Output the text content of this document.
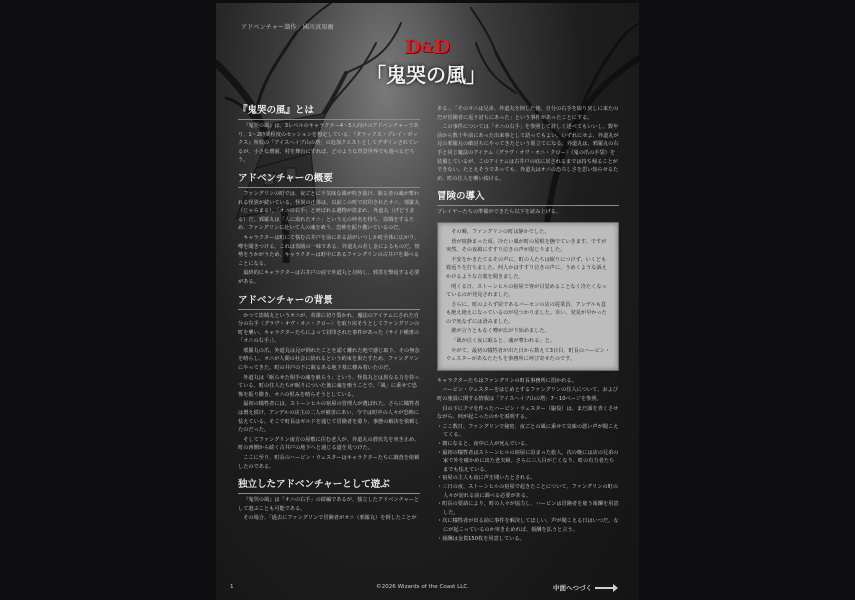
アドベンチャー制作：國川真知爾
D&D
「鬼哭の風」
『鬼哭の風』とは
『鬼哭の風』は、3レベルのキャラクター4〜5人向けのアドベンチャーであり、1〜2時間程度のセッションを想定している。『ダラックス・プレイ・ボックス』所収の「アイスヘイブ山の塔」の追加クエストとしてデザインされているが、小さな農園、村を舞台にすれば、どのような背景世界でも遊べるだろう。
アドベンチャーの概要
ファングリンの町では、夜ごとに不気味な風が吹き抜け、眠る者の魂が奪われる怪異が続いている。怪異の正体は、以前この町で封印されたオニ、邪羅丸（じゃらまる）。「オニの右手」と呼ばれる遺物が盗まれ、外道丸（げどうまる）だ。邪羅丸は「人に取れたオニ」という元の呼名を持ち、盗賊をするため、ファングリンに赴いて人の魂を喰う、恐怖を振り撒いているのだ。
キャラクターは町にて悩む古井戸を前にある話がいつしか町全体に広がり、噂を聞きつける。これは盗賊の一味である、外道丸の差し金によるものだ。情勢をうかがうため、キャラクターは町中にあるファングリンの古井戸を調べることになる。
最終的にキャラクターは古井戸の底で外道丸と対峙し、邪霊を撃退する必要がある。
アドベンチャーの背景
かつて盗賊丸というオニが、英雄に切り裂かれ、魔法のアイテムにされた自分の右手〈グラヴ・オヴ・オニ・クロー〉を取り戻そうとしてファングリンの町を襲い、キャラクターたちによって封印された事件があった（サイド種書の「オニの右手」）。
邪羅丸の爪、外道丸は兄が倒れたことを認く離れた地で感じ取り、その無念を晴らし、オニが人間の社会に紛れるという約束を果たすため、ファングリンにやってきた。町の井戸の下に眠るある地下墓に棲み着いたのだ。
外道丸は「眠らせた相手の魂を喰らう」という、怪盗丸とは異なる力を持っている。町の住人たちが眠りについた後に魂を喰うことで、「風」に乗せて恐怖を振り撒き、オニの恨みを晴らそうとしている。
最初の犠牲者には、ストーンヒルの宿屋の管理人が選ばれた。さらに犠牲者は増え続け、アンデルの店主の二人が被害にあい、今では町中の人々が恐怖に怯えている。そこで町長はギルドを通じて冒険者を募り、事態の解決を依頼したのだった。
そしてファングリン南方の屋敷に住む老人が、外道丸の潜伏先を突き止め、町の西側から続く古井戸の地下へと通じる道を見つけた。
ここに至り、町長のハービン・ウェスターはキャラクターたちに調査を依頼したのである。
独立したアドベンチャーとして遊ぶ
『鬼哭の風』は「オニの右手」の続編であるが、独立したアドベンチャーとして遊ぶことも可能である。
その場合、「過去にファングリンで冒険者がオニ（邪羅丸）を倒したことが
ある」、「そのオニは兄弟、外道丸を倒した後、自分の右手を取り戻しに来たのだが冒険者に返り討ちにあった」という事件があったことにする。
この事件については「オニの右手」を参照して詳しく述べてもいいし、数年前から数十年前にあった出来事として語ってもよい。いずれにせよ、外道丸が兄の邪羅丸の敵討ちにやってきたという筋立てになる。外道丸は、邪羅丸の右手と同じ魔法のアイテム〈グラヴ・オヴ・オニ・クロー〉（鬼の爪の手袋）を装備しているが、このアイテムは古井戸の底に戻されるまでは持ち帰ることができない。たとえそうであっても、外道丸はオニの恐ろしさを思い知らせるため、町の住人を襲い続ける。
冒険の導入
プレイヤーたちの準備ができたら以下を読み上げる。
その晩、ファングリンの町は静かでした。
皆が寝静まった頃、冷たい風が町の屋根を撫でていきます。ですが突然、その夜風にすすり泣きの声が混じりました。
不安をかきたてるその声に、町の人たちは眠りにつけず、いくども寝返りを打ちました。何人かはすすり泣きの声に、うめくような訴えかけるような言葉を聞きました。
明くる日、ストーンヒルの宿屋で客が目覚めることなく冷たくなっているのが発見されました。
さらに、町のよろず屋であるバーセンの店の従業員、アンデルも息も絶え絶えになっているのが見つかりました。幸い、発見が早かったので死なずには済みました。
誰が言うともなく噂が広がり始めました。
「風が泣く夜に眠ると、魂が奪われる」と。
やがて、最初の犠牲者が出た日から数えて3日目、町長のハービン・ウェスターがあなたたちを事務所に呼び寄せたのです。
キャラクターたちはファングリンの町長事務所に招かれる。
ハービン・ウェスターをはじめとするファングリンの住人について、および町の施設に関する情報は「アイスヘイブ山の塔」7〜10ページを参照。
目の下にクマを作ったハービン・ウェスター（脇役）は、まだ顔を青くさせながら、何が起こったのかを説明する。
・ここ数日、ファングリンで秘密、夜ごとの風に乗せて気味の悪い声が聞こえてくる。
・朝になると、夜中に人が死んでいる。
・最初の犠牲者はストーンヒルの宿屋に泊まった旅人。次の晩には店の兄弟の家で外を確かめに出た老夫婦。さらに三人目が亡くなり、町の有力者たちまでも怯えている。
・宿屋の主人も夜に声を聞いたとされる。
・三日の夜、ストーンヒルの宿屋で起きたことについて、ファングリンの町の人々が訪れる前に調べる必要がある。
・町長の要請により、町の人々が協力し、ハービンは冒険者を雇う報酬を用意した。
・次に犠牲者が出る前に事件を解決してほしい。声が聞こえる日はいつだ。なにが起こっているのか突き止めれば、報酬を払うと言う。
・報酬は金貨150枚を用意している。
1	©2026 Wizards of the Coast LLC.	中面へつづく
